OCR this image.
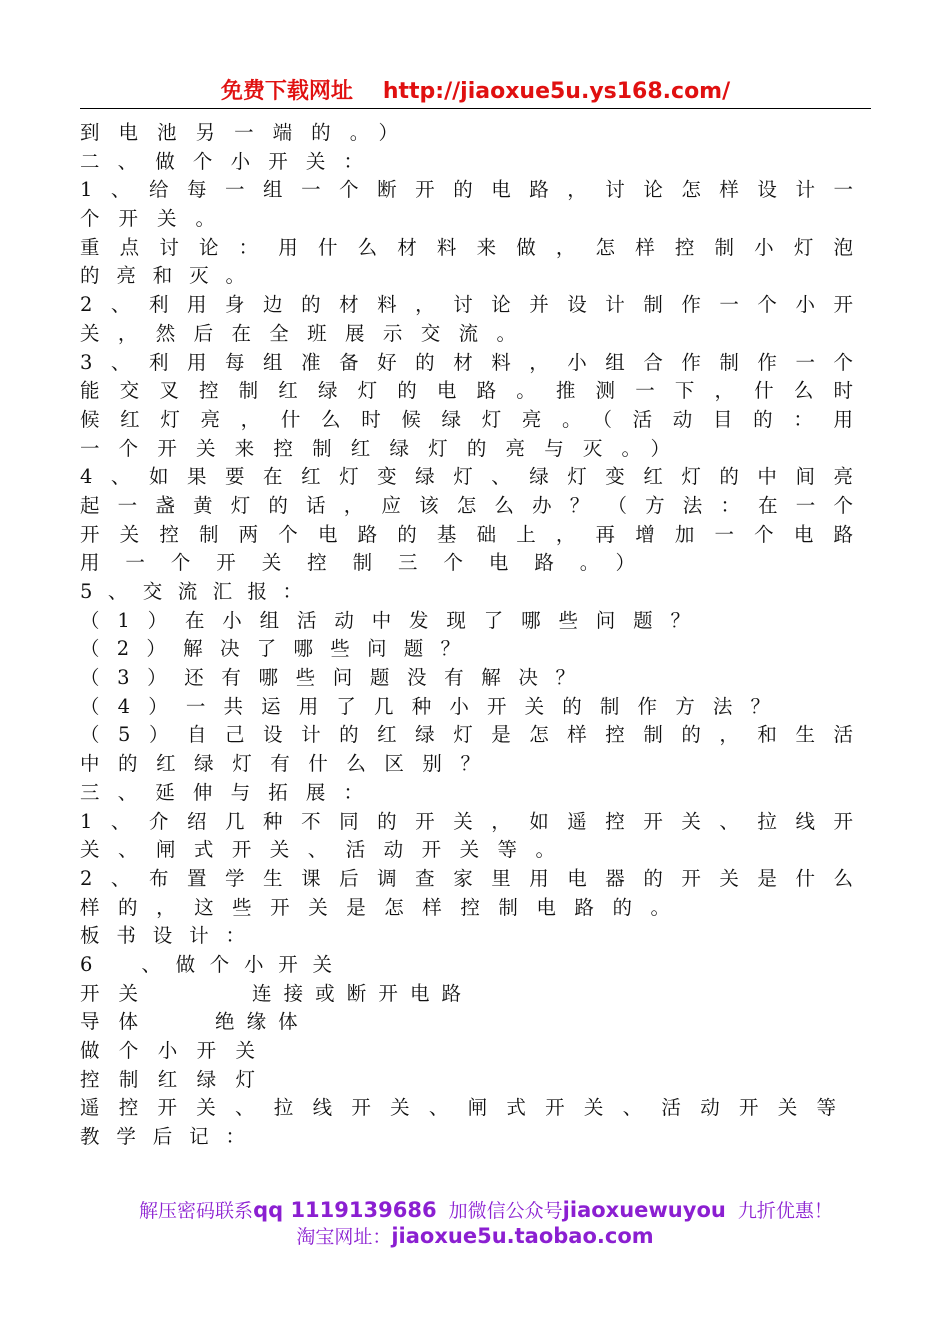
免费下载网址 http://jiaoxue5u.ys168.com/
到电池另一端的。）
二、做个小开关：
1、给每一组一个断开的电路，讨论怎样设计一
个开关。
重点讨论：用什么材料来做，怎样控制小灯泡
的亮和灭。
2、利用身边的材料，讨论并设计制作一个小开
关，然后在全班展示交流。
3、利用每组准备好的材料，小组合作制作一个
能交叉控制红绿灯的电路。推测一下，什么时
候红灯亮，什么时候绿灯亮。（活动目的：用
一个开关来控制红绿灯的亮与灭。）
4、如果要在红灯变绿灯、绿灯变红灯的中间亮
起一盏黄灯的话，应该怎么办？（方法：在一个
开关控制两个电路的基础上，再增加一个电路
用一个开关控制三个电路。）
5、交流汇报：
（1）在小组活动中发现了哪些问题？
（2）解决了哪些问题？
（3）还有哪些问题没有解决？
（4）一共运用了几种小开关的制作方法？
（5）自己设计的红绿灯是怎样控制的，和生活
中的红绿灯有什么区别？
三、延伸与拓展：
1、介绍几种不同的开关，如遥控开关、拉线开
关、闸式开关、活动开关等。
2、布置学生课后调查家里用电器的开关是什么
样的，这些开关是怎样控制电路的。
板书设计：
6　、做个小开关
开关	连接或断开电路
导体	绝缘体
做个小开关
控制红绿灯
遥控开关、拉线开关、闸式开关、活动开关等
教学后记：
解压密码联系qq 1119139686 加微信公众号jiaoxuewuyou 九折优惠！
淘宝网址：jiaoxue5u.taobao.com
